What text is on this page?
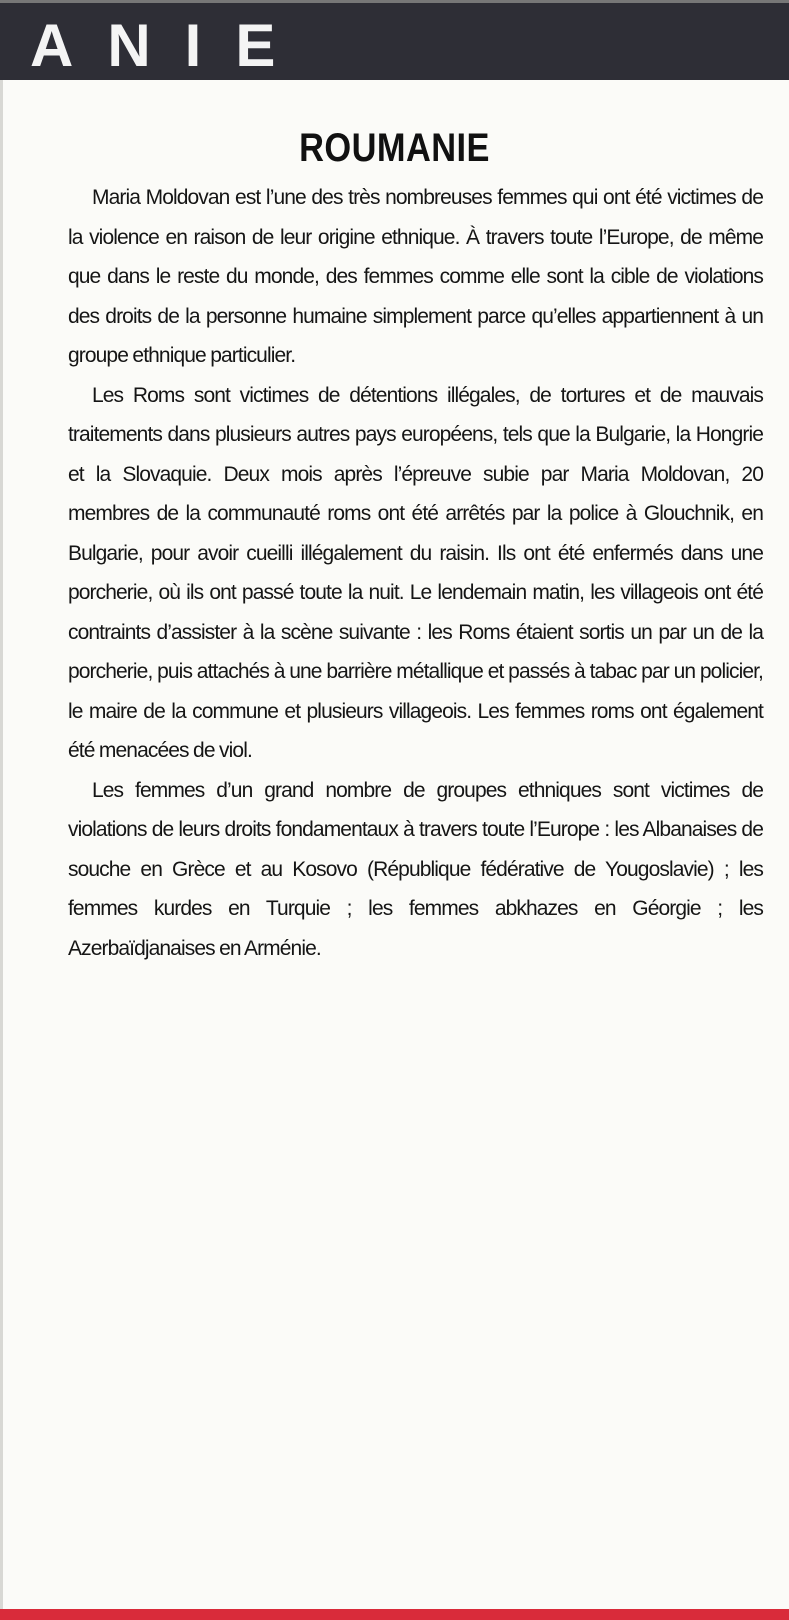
ANIE
ROUMANIE

Maria Moldovan est l’une des très nombreuses femmes qui ont été victimes de la violence en raison de leur origine ethnique. À travers toute l’Europe, de même que dans le reste du monde, des femmes comme elle sont la cible de violations des droits de la personne humaine simplement parce qu’elles appartiennent à un groupe ethnique particulier.

Les Roms sont victimes de détentions illégales, de tortures et de mauvais traitements dans plusieurs autres pays européens, tels que la Bulgarie, la Hongrie et la Slovaquie. Deux mois après l’épreuve subie par Maria Moldovan, 20 membres de la communauté roms ont été arrêtés par la police à Glouchnik, en Bulgarie, pour avoir cueilli illégalement du raisin. Ils ont été enfermés dans une porcherie, où ils ont passé toute la nuit. Le lendemain matin, les villageois ont été contraints d’assister à la scène suivante : les Roms étaient sortis un par un de la porcherie, puis attachés à une barrière métallique et passés à tabac par un policier, le maire de la commune et plusieurs villageois. Les femmes roms ont également été menacées de viol.

Les femmes d’un grand nombre de groupes ethniques sont victimes de violations de leurs droits fondamentaux à travers toute l’Europe : les Albanaises de souche en Grèce et au Kosovo (République fédérative de Yougoslavie) ; les femmes kurdes en Turquie ; les femmes abkhazes en Géorgie ; les Azerbaïdjanaises en Arménie.
